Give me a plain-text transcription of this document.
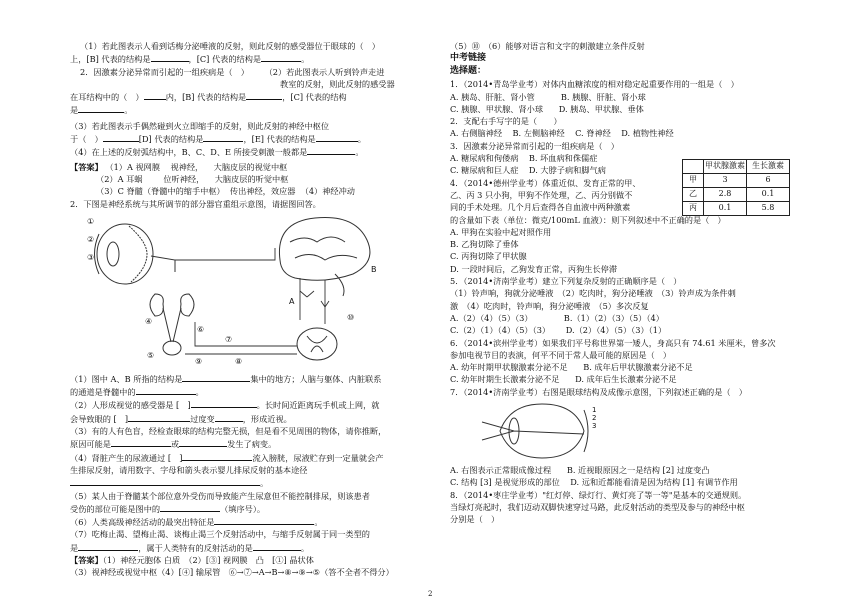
（1）若此图表示人看到话梅分泌唾液的反射，则此反射的感受器位于眼球的（　）

上，[B] 代表的结构是	，[C] 代表的结构是	。

2．因激素分泌异常而引起的一组疾病是（　） （2）若此图表示人听到铃声走进

教室的反射，则此反射的感受器

在耳结构中的（　）	内，[B] 代表的结构是	，[C] 代表的结构

是	。

（3）若此图表示手偶然碰到火立即缩手的反射，则此反射的神经中枢位

于（　）	[D] 代表的结构是	，[E] 代表的结构是	。

（4）在上述的反射弧结构中，B、C、D、E 所接受刺激一般都是	。

【答案】 （1）A 视网膜 视神经， 大脑皮层的视觉中枢

（2）A 耳蜗	位听神经， 大脑皮层的听觉中枢

（3）C 脊髓（脊髓中的缩手中枢） 传出神经，效应器 （4）神经冲动

2．下图是神经系统与其所调节的部分器官重组示意图，请据图回答。

①
②
③
④
⑤
⑥
⑦
⑧
⑨
⑩
A
B

（1）图中 A、B 所指的结构是	集中的地方；人脑与躯体、内脏联系

的通道是脊髓中的	。

（2）人形成视觉的感受器是 [　]	。长时间近距离玩手机或上网，就

会导致眼的 [　]	过度变	，形成近视。

（3）有的人有色盲，经检查眼球的结构完整无损，但是看不见周围的物体，请你推断，

原因可能是	或	发生了病变。

（4）肾脏产生的尿液通过 [　]	流入膀胱，尿液贮存到一定量就会产

生排尿反射，请用数字、字母和箭头表示婴儿排尿反射的基本途径

。

（5）某人由于脊髓某个部位意外受伤而导致能产生尿意但不能控制排尿，则该患者

受伤的部位可能是图中的	（填序号）。

（6）人类高级神经活动的最突出特征是	。

（7）吃梅止渴、望梅止渴、谈梅止渴三个反射活动中，与缩手反射属于同一类型的

是	，属于人类特有的反射活动的是	。

【答案】（1）神经元胞体 白质　（2）[③] 视网膜　凸　[①] 晶状体

（3）视神经或视觉中枢（4）[④] 输尿管　⑥→⑦→A→B→⑧→⑨→⑤（答不全者不得分）

（5）⑩　（6）能够对语言和文字的刺激建立条件反射

中考链接

选择题：

1．（2014•青岛学业考）对体内血糖浓度的相对稳定起重要作用的一组是（　）

A. 胰岛、肝脏、肾小管	B. 胰腺、肝脏、肾小球

C. 胰腺、甲状腺、肾小球 D. 胰岛、甲状腺、垂体

2．支配右手写字的是（　　）

A. 右侧脑神经 B. 左侧脑神经 C. 脊神经 D. 植物性神经

3．因激素分泌异常而引起的一组疾病是（　）

A. 糖尿病和佝偻病 B. 坏血病和侏儒症

C. 糖尿病和巨人症 D. 大脖子病和脚气病

4．（2014•德州学业考）体重近似、发育正常的甲、

乙、丙 3 只小狗，甲狗不作处理，乙、丙分别做不

同的手术处理。几个月后查得各自血液中两种激素

的含量如下表（单位：微克/100mL 血液）：则下列叙述中不正确的是（　）

A. 甲狗在实验中起对照作用

B. 乙狗切除了垂体

C. 丙狗切除了甲状腺

D. 一段时间后，乙狗发育正常，丙狗生长停滞

5．（2014•济南学业考）建立下列复杂反射的正确顺序是（　）

（1）铃声响，狗就分泌唾液　（2）吃肉时，狗分泌唾液　（3）铃声成为条件刺

激　（4）吃肉时，铃声响，狗分泌唾液　（5）多次反复

A.（2）（4）（5）（3）	B.（1）（2）（3）（5）（4）

C.（2）（1）（4）（5）（3） D.（2）（4）（5）（3）（1）

6．（2014•滨州学业考）如果我们平号称世界第一矮人，身高只有 74.61 米厘米，曾多次

参加电视节目的表演，何平不同于常人最可能的原因是（　）

A. 幼年时期甲状腺激素分泌不足 B. 成年后甲状腺激素分泌不足

C. 幼年时期生长激素分泌不足 D. 成年后生长激素分泌不足

7．（2014•济南学业考）右图是眼球结构及成像示意图，下列叙述正确的是（　）

1
2
3

A. 右图表示正常眼成像过程 B. 近视眼原因之一是结构 [2] 过度变凸

C. 结构 [3] 是视觉形成的部位 D. 远和近都能看清是因为结构 [1] 有调节作用

8．（2014•枣庄学业考）"红灯停、绿灯行、黄灯亮了等一等"是基本的交通规则。

当绿灯亮起时，我们迈动双脚快速穿过马路，此反射活动的类型及参与的神经中枢

分别是（　）

	甲状腺激素	生长激素
甲	3	6
乙	2.8	0.1
丙	0.1	5.8
2
